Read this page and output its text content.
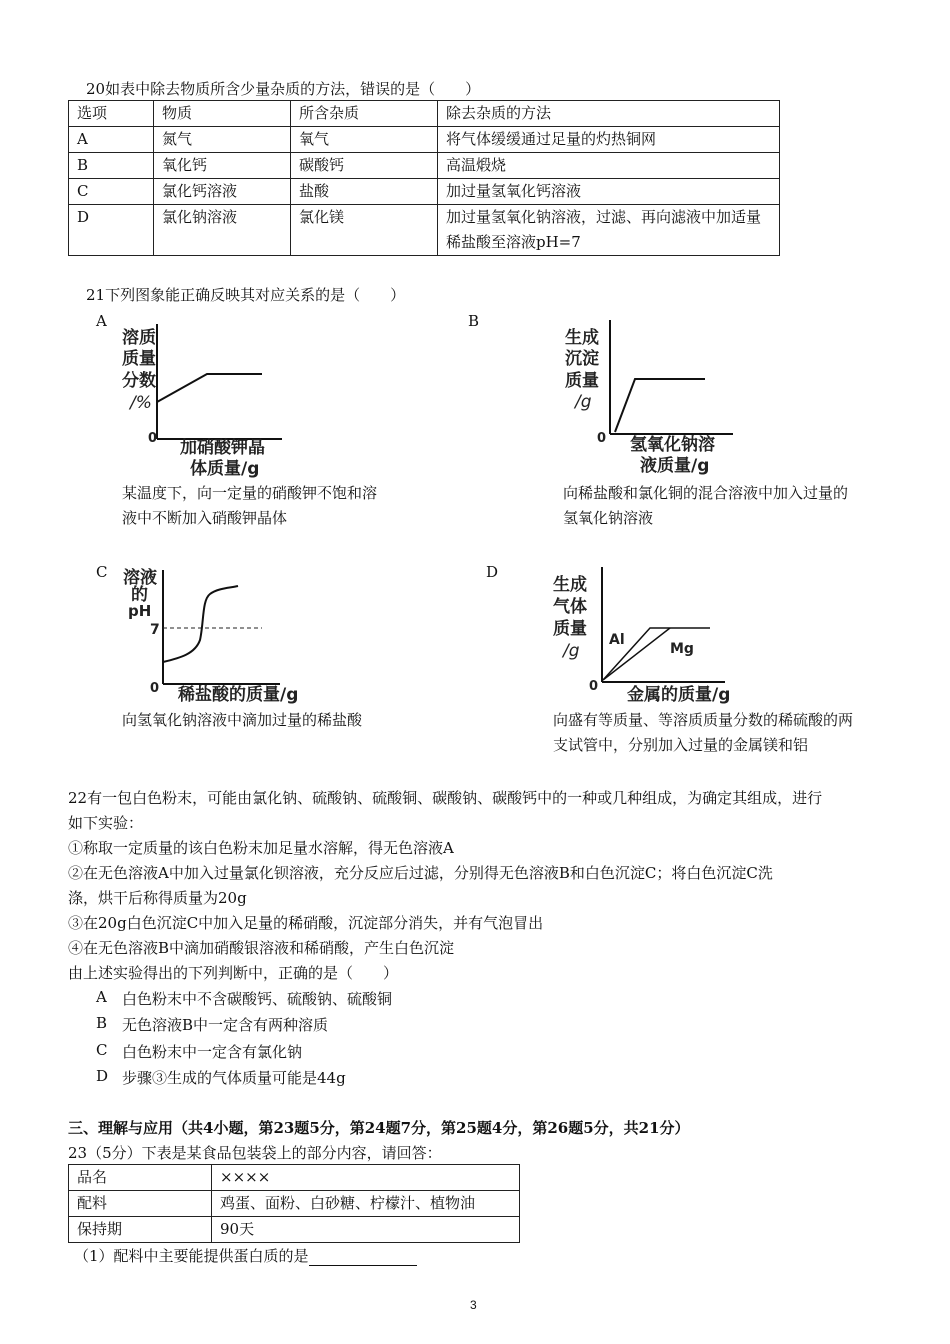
20如表中除去物质所含少量杂质的方法，错误的是（　　）
选项	物质	所含杂质	除去杂质的方法
A	氮气	氧气	将气体缓缓通过足量的灼热铜网
B	氧化钙	碳酸钙	高温煅烧
C	氯化钙溶液	盐酸	加过量氢氧化钙溶液
D	氯化钠溶液	氯化镁	加过量氢氧化钠溶液，过滤、再向滤液中加适量稀盐酸至溶液pH=7
21下列图象能正确反映其对应关系的是（　　）
A
溶质
质量
分数
/%
0 加硝酸钾晶
体质量/g
某温度下，向一定量的硝酸钾不饱和溶
液中不断加入硝酸钾晶体
B
生成
沉淀
质量
/g
0 氢氧化钠溶
液质量/g
向稀盐酸和氯化铜的混合溶液中加入过量的
氢氧化钠溶液
C 溶液
的
pH
7
0 稀盐酸的质量/g
向氢氧化钠溶液中滴加过量的稀盐酸
D
生成
气体
质量
/g
Al
Mg
0 金属的质量/g
向盛有等质量、等溶质质量分数的稀硫酸的两
支试管中，分别加入过量的金属镁和铝
22有一包白色粉末，可能由氯化钠、硫酸钠、硫酸铜、碳酸钠、碳酸钙中的一种或几种组成，为确定其组成，进行
如下实验：
①称取一定质量的该白色粉末加足量水溶解，得无色溶液A
②在无色溶液A中加入过量氯化钡溶液，充分反应后过滤，分别得无色溶液B和白色沉淀C；将白色沉淀C洗
涤，烘干后称得质量为20g
③在20g白色沉淀C中加入足量的稀硝酸，沉淀部分消失，并有气泡冒出
④在无色溶液B中滴加硝酸银溶液和稀硝酸，产生白色沉淀
由上述实验得出的下列判断中，正确的是（　　）
A 白色粉末中不含碳酸钙、硫酸钠、硫酸铜
B 无色溶液B中一定含有两种溶质
C 白色粉末中一定含有氯化钠
D 步骤③生成的气体质量可能是44g
三、理解与应用（共4小题，第23题5分，第24题7分，第25题4分，第26题5分，共21分）
23（5分）下表是某食品包装袋上的部分内容，请回答：
品名	××××
配料	鸡蛋、面粉、白砂糖、柠檬汁、植物油
保持期	90天
（1）配料中主要能提供蛋白质的是
3
